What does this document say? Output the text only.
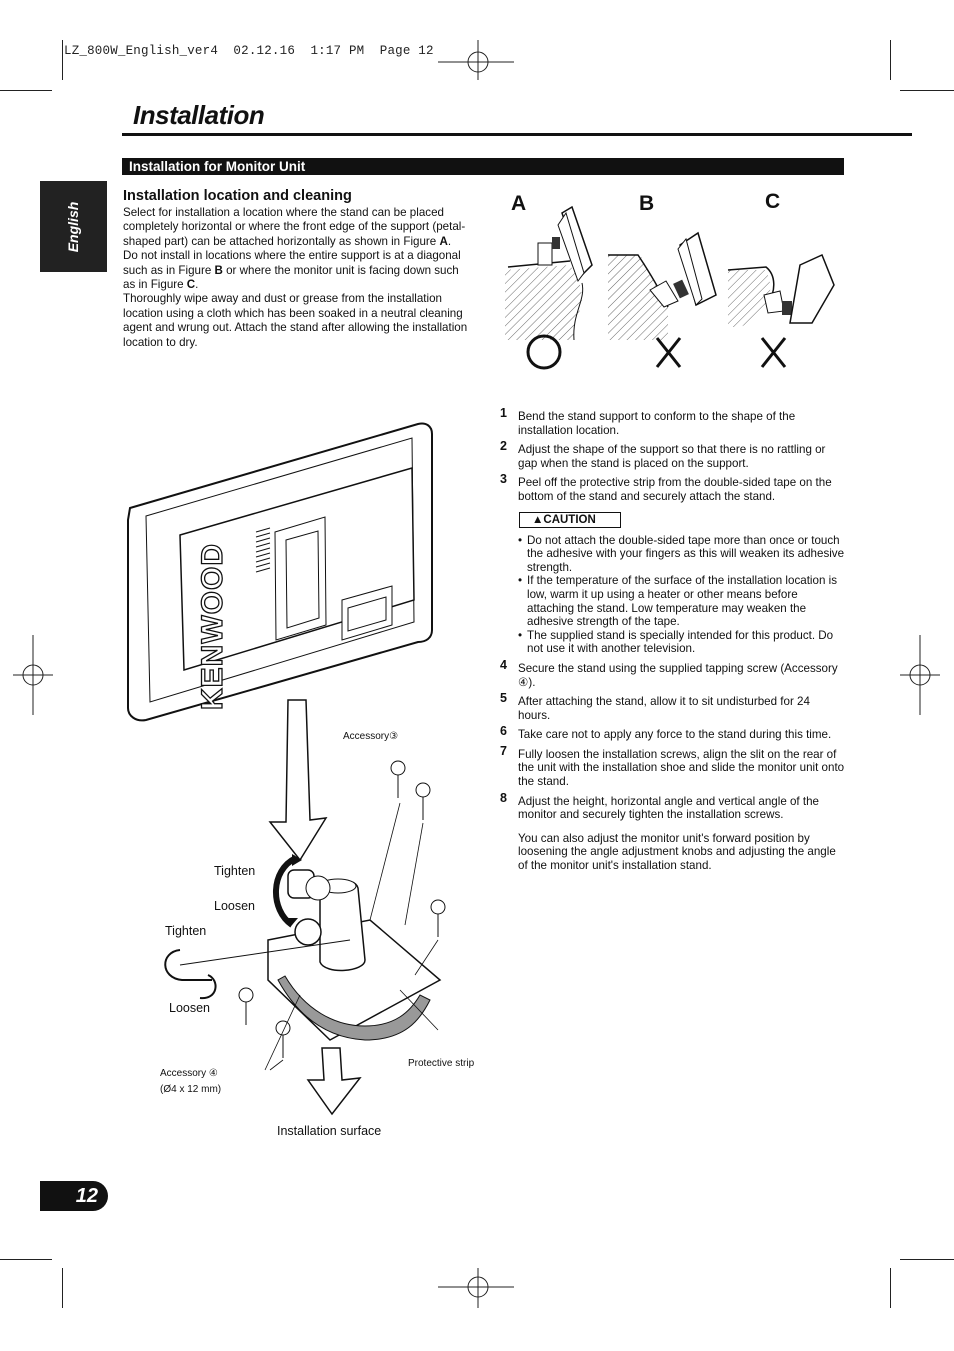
LZ_800W_English_ver4  02.12.16  1:17 PM  Page 12
Installation
Installation for Monitor Unit
English
Installation location and cleaning

Select for installation a location where the stand can be placed completely horizontal or where the front edge of the support (petal-shaped part) can be attached horizontally as shown in Figure A.

Do not install in locations where the entire support is at a diagonal such as in Figure B or where the monitor unit is facing down such as in Figure C.

Thoroughly wipe away and dust or grease from the installation location using a cloth which has been soaked in a neutral cleaning agent and wrung out. Attach the stand after allowing the installation location to dry.

A	B	C
1 Bend the stand support to conform to the shape of the installation location.
2 Adjust the shape of the support so that there is no rattling or gap when the stand is placed on the support.
3 Peel off the protective strip from the double-sided tape on the bottom of the stand and securely attach the stand.
▲CAUTION
• Do not attach the double-sided tape more than once or touch the adhesive with your fingers as this will weaken its adhesive strength.
• If the temperature of the surface of the installation location is low, warm it up using a heater or other means before attaching the stand. Low temperature may weaken the adhesive strength of the tape.
• The supplied stand is specially intended for this product. Do not use it with another television.
4 Secure the stand using the supplied tapping screw (Accessory ④).
5 After attaching the stand, allow it to sit undisturbed for 24 hours.
6 Take care not to apply any force to the stand during this time.
7 Fully loosen the installation screws, align the slit on the rear of the unit with the installation shoe and slide the monitor unit onto the stand.
8 Adjust the height, horizontal angle and vertical angle of the monitor and securely tighten the installation screws.
You can also adjust the monitor unit's forward position by loosening the angle adjustment knobs and adjusting the angle of the monitor unit's installation stand.
KENWOOD
Accessory③
Tighten
Loosen
Tighten
Loosen
Accessory ④
(Ø4 x 12 mm)
Protective strip
Installation surface
12
